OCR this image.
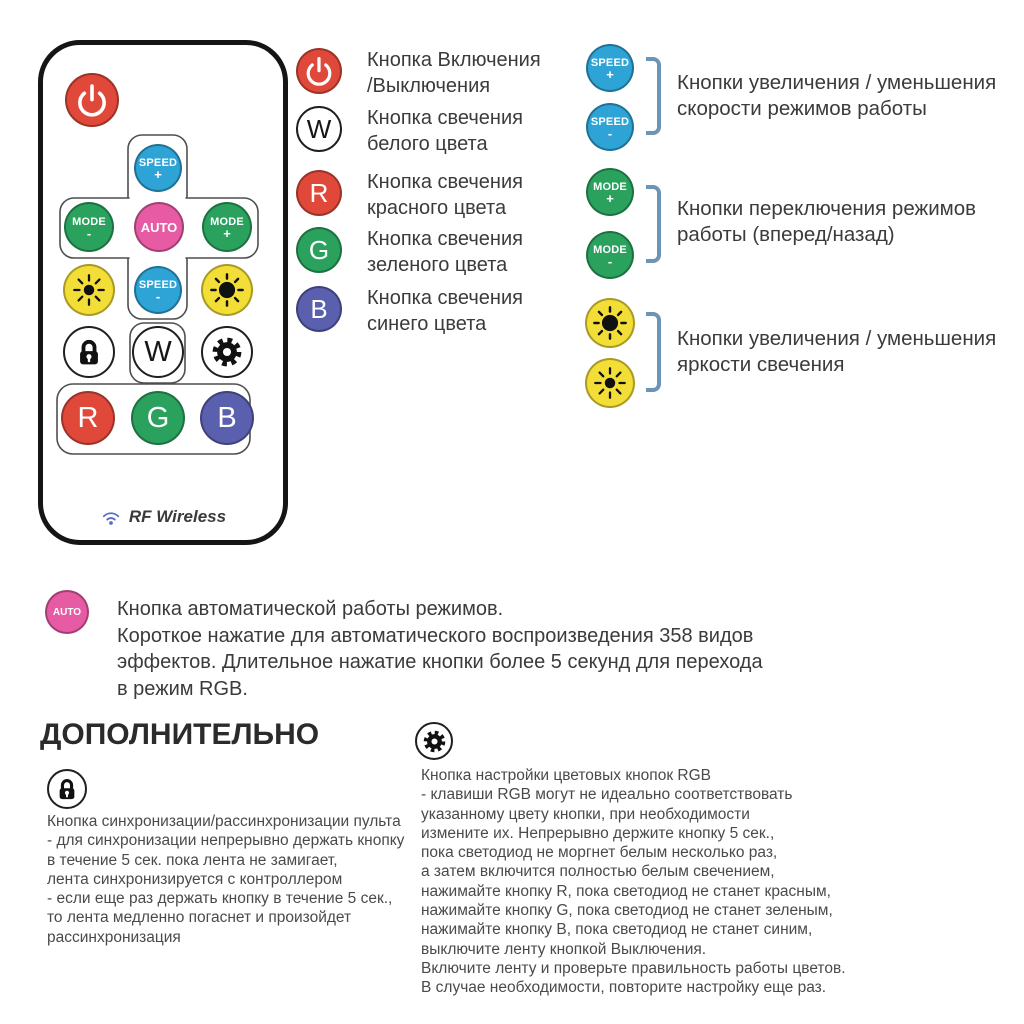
SPEED
+
MODE
-	AUTO	MODE
+
SPEED
-
W
R G B
RF Wireless
Кнопка Включения
/Выключения
W Кнопка свечения
белого цвета
R Кнопка свечения
красного цвета
G Кнопка свечения
зеленого цвета
B Кнопка свечения
синего цвета
SPEED
+
SPEED
-
Кнопки увеличения / уменьшения
скорости режимов работы
MODE
+
MODE
-
Кнопки переключения режимов
работы (вперед/назад)
Кнопки увеличения / уменьшения
яркости свечения
AUTO Кнопка автоматической работы режимов.
Короткое нажатие для автоматического воспроизведения 358 видов
эффектов. Длительное нажатие кнопки более 5 секунд для перехода
в режим RGB.
ДОПОЛНИТЕЛЬНО
Кнопка синхронизации/рассинхронизации пульта
- для синхронизации непрерывно держать кнопку
в течение 5 сек. пока лента не замигает,
лента синхронизируется с контроллером
- если еще раз держать кнопку в течение 5 сек.,
то лента медленно погаснет и произойдет
рассинхронизация
Кнопка настройки цветовых кнопок RGB
- клавиши RGB могут не идеально соответствовать
указанному цвету кнопки, при необходимости
измените их. Непрерывно держите кнопку 5 сек.,
пока светодиод не моргнет белым несколько раз,
а затем включится полностью белым свечением,
нажимайте кнопку R, пока светодиод не станет красным,
нажимайте кнопку G, пока светодиод не станет зеленым,
нажимайте кнопку B, пока светодиод не станет синим,
выключите ленту кнопкой Выключения.
Включите ленту и проверьте правильность работы цветов.
В случае необходимости, повторите настройку еще раз.
